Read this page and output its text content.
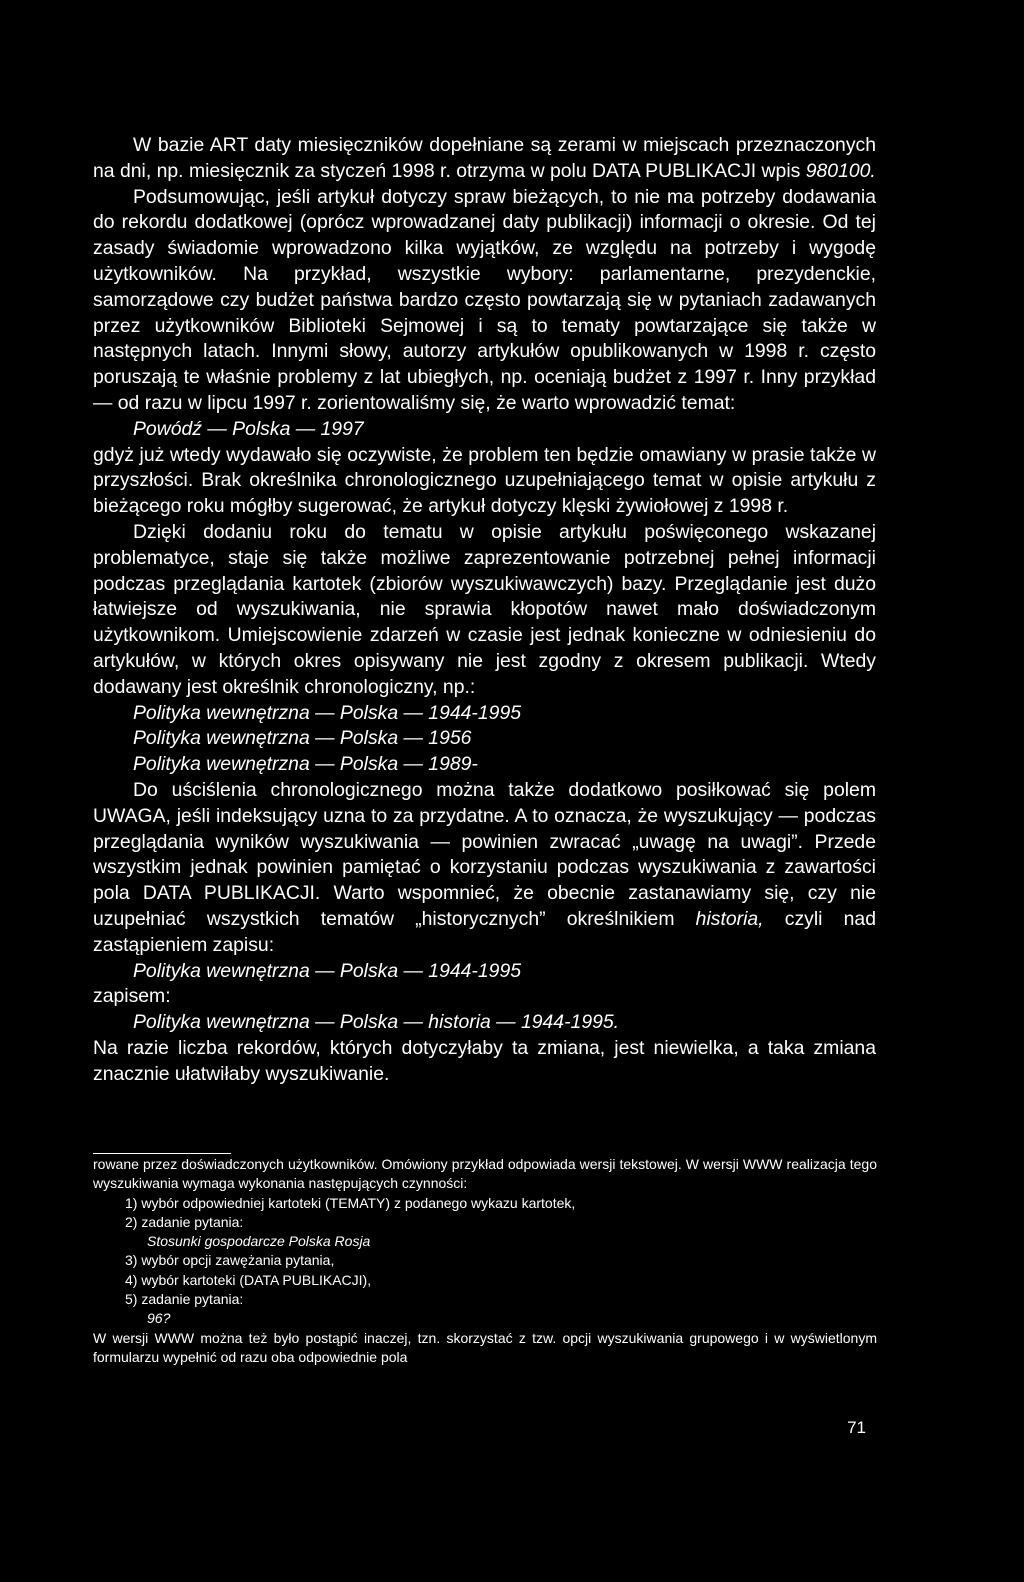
W bazie ART daty miesięczników dopełniane są zerami w miejscach przeznaczonych na dni, np. miesięcznik za styczeń 1998 r. otrzyma w polu DATA PUBLIKACJI wpis 980100.

Podsumowując, jeśli artykuł dotyczy spraw bieżących, to nie ma potrzeby dodawania do rekordu dodatkowej (oprócz wprowadzanej daty publikacji) informacji o okresie. Od tej zasady świadomie wprowadzono kilka wyjątków, ze względu na potrzeby i wygodę użytkowników. Na przykład, wszystkie wybory: parlamentarne, prezydenckie, samorządowe czy budżet państwa bardzo często powtarzają się w pytaniach zadawanych przez użytkowników Biblioteki Sejmowej i są to tematy powtarzające się także w następnych latach. Innymi słowy, autorzy artykułów opublikowanych w 1998 r. często poruszają te właśnie problemy z lat ubiegłych, np. oceniają budżet z 1997 r. Inny przykład — od razu w lipcu 1997 r. zorientowaliśmy się, że warto wprowadzić temat:

Powódź — Polska — 1997

gdyż już wtedy wydawało się oczywiste, że problem ten będzie omawiany w prasie także w przyszłości. Brak określnika chronologicznego uzupełniającego temat w opisie artykułu z bieżącego roku mógłby sugerować, że artykuł dotyczy klęski żywiołowej z 1998 r.

Dzięki dodaniu roku do tematu w opisie artykułu poświęconego wskazanej problematyce, staje się także możliwe zaprezentowanie potrzebnej pełnej informacji podczas przeglądania kartotek (zbiorów wyszukiwawczych) bazy. Przeglądanie jest dużo łatwiejsze od wyszukiwania, nie sprawia kłopotów nawet mało doświadczonym użytkownikom. Umiejscowienie zdarzeń w czasie jest jednak konieczne w odniesieniu do artykułów, w których okres opisywany nie jest zgodny z okresem publikacji. Wtedy dodawany jest określnik chronologiczny, np.:

Polityka wewnętrzna — Polska — 1944-1995

Polityka wewnętrzna — Polska — 1956

Polityka wewnętrzna — Polska — 1989-

Do uściślenia chronologicznego można także dodatkowo posiłkować się polem UWAGA, jeśli indeksujący uzna to za przydatne. A to oznacza, że wyszukujący — podczas przeglądania wyników wyszukiwania — powinien zwracać „uwagę na uwagi”. Przede wszystkim jednak powinien pamiętać o korzystaniu podczas wyszukiwania z zawartości pola DATA PUBLIKACJI. Warto wspomnieć, że obecnie zastanawiamy się, czy nie uzupełniać wszystkich tematów „historycznych” określnikiem historia, czyli nad zastąpieniem zapisu:

Polityka wewnętrzna — Polska — 1944-1995

zapisem:

Polityka wewnętrzna — Polska — historia — 1944-1995.

Na razie liczba rekordów, których dotyczyłaby ta zmiana, jest niewielka, a taka zmiana znacznie ułatwiłaby wyszukiwanie.

rowane przez doświadczonych użytkowników. Omówiony przykład odpowiada wersji tekstowej. W wersji WWW realizacja tego wyszukiwania wymaga wykonania następujących czynności:

1) wybór odpowiedniej kartoteki (TEMATY) z podanego wykazu kartotek,

2) zadanie pytania:

Stosunki gospodarcze Polska Rosja

3) wybór opcji zawężania pytania,

4) wybór kartoteki (DATA PUBLIKACJI),

5) zadanie pytania:

96?

W wersji WWW można też było postąpić inaczej, tzn. skorzystać z tzw. opcji wyszukiwania grupowego i w wyświetlonym formularzu wypełnić od razu oba odpowiednie pola

71
